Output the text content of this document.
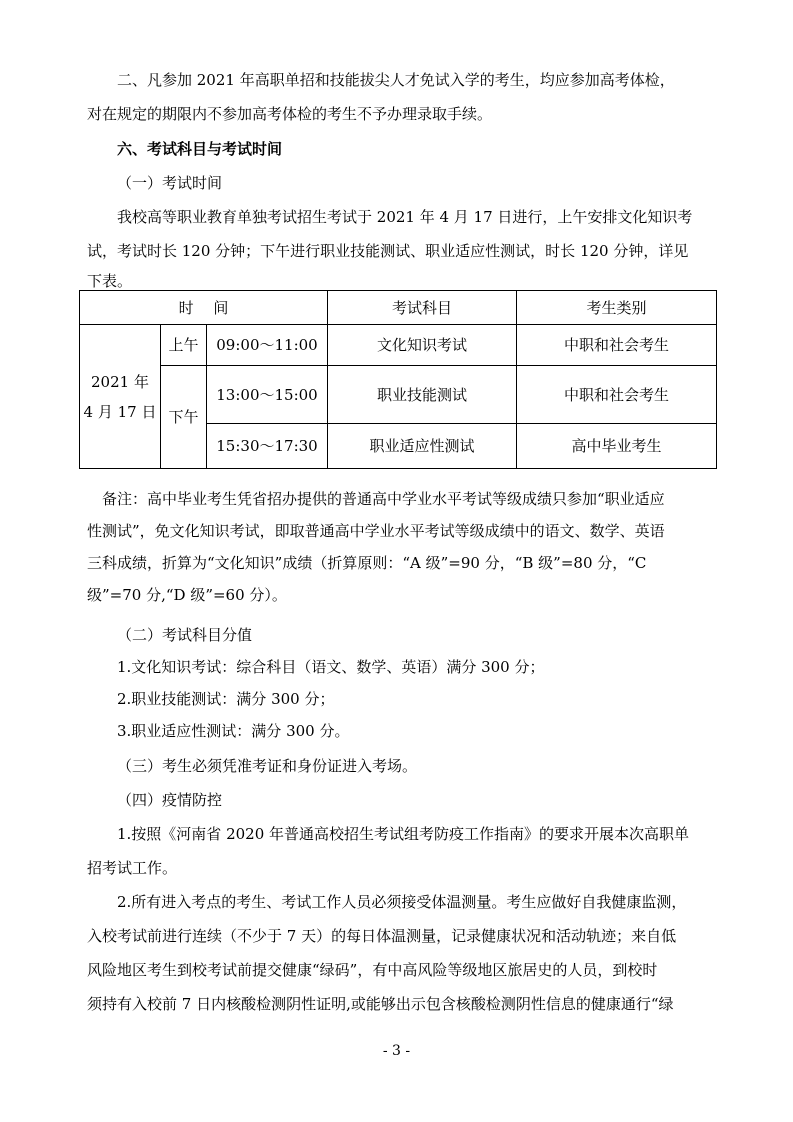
二、凡参加 2021 年高职单招和技能拔尖人才免试入学的考生，均应参加高考体检，
对在规定的期限内不参加高考体检的考生不予办理录取手续。
六、考试科目与考试时间
（一）考试时间
我校高等职业教育单独考试招生考试于 2021 年 4 月 17 日进行，上午安排文化知识考
试，考试时长 120 分钟；下午进行职业技能测试、职业适应性测试，时长 120 分钟，详见
下表。
时　 间			考试科目	考生类别

2021 年
4 月 17 日	上午	09:00～11:00	文化知识考试	中职和社会考生
	下午	13:00～15:00	职业技能测试	中职和社会考生
		15:30～17:30	职业适应性测试	高中毕业考生
备注：高中毕业考生凭省招办提供的普通高中学业水平考试等级成绩只参加“职业适应
性测试”，免文化知识考试，即取普通高中学业水平考试等级成绩中的语文、数学、英语
三科成绩，折算为“文化知识”成绩（折算原则：“A 级”=90 分，“B 级”=80 分，“C
级”=70 分,“D 级”=60 分）。
（二）考试科目分值
1.文化知识考试：综合科目（语文、数学、英语）满分 300 分；
2.职业技能测试：满分 300 分；
3.职业适应性测试：满分 300 分。
（三）考生必须凭准考证和身份证进入考场。
（四）疫情防控
1.按照《河南省 2020 年普通高校招生考试组考防疫工作指南》的要求开展本次高职单
招考试工作。
2.所有进入考点的考生、考试工作人员必须接受体温测量。考生应做好自我健康监测，
入校考试前进行连续（不少于 7 天）的每日体温测量，记录健康状况和活动轨迹；来自低
风险地区考生到校考试前提交健康“绿码”，有中高风险等级地区旅居史的人员，到校时
须持有入校前 7 日内核酸检测阴性证明,或能够出示包含核酸检测阴性信息的健康通行“绿
- 3 -
